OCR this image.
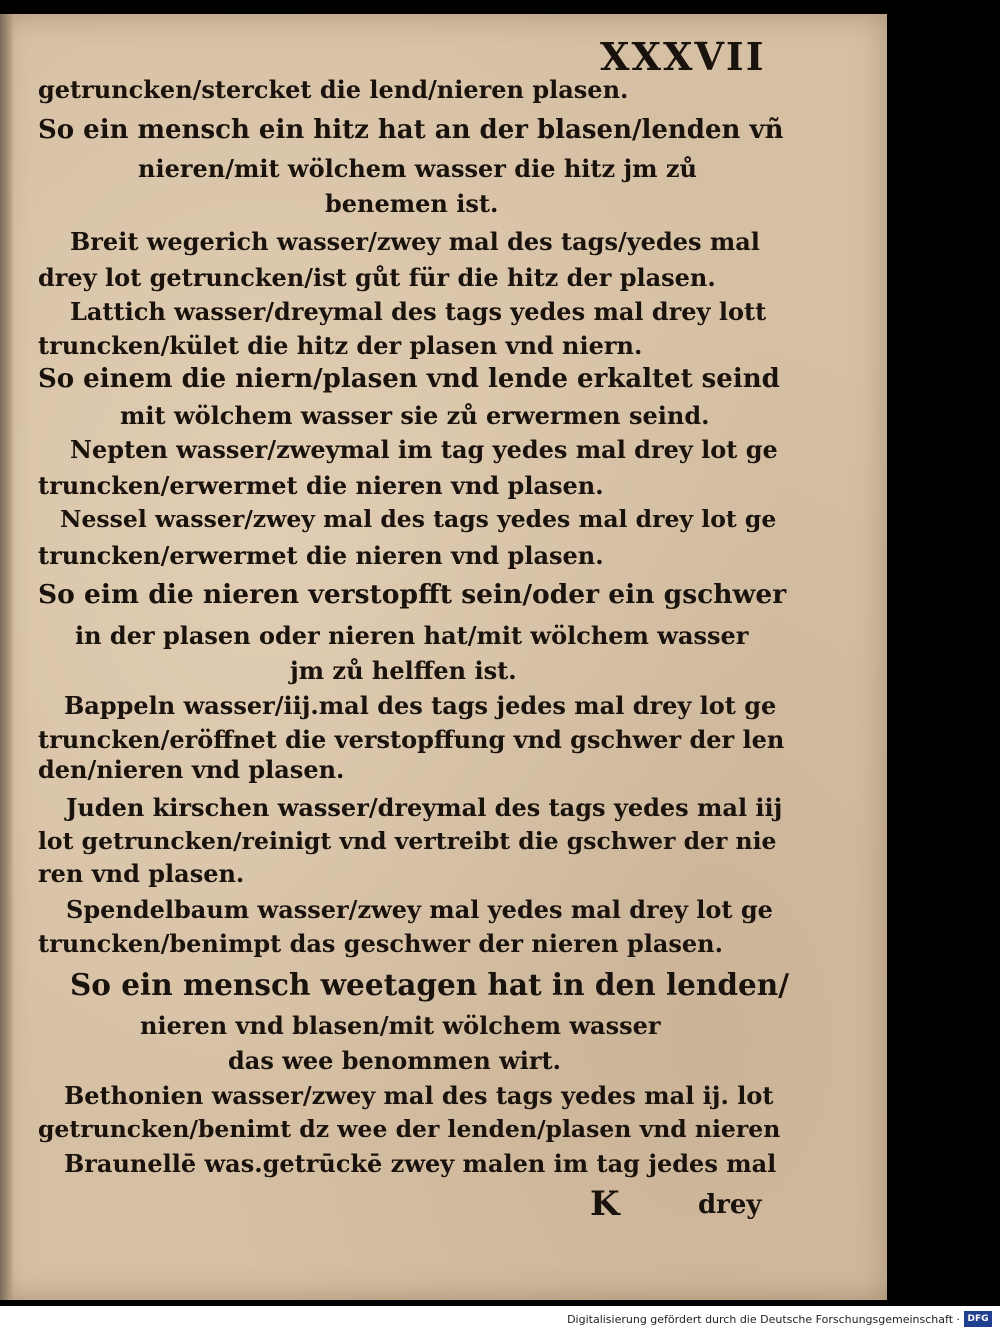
XXXVII
getruncken/stercket die lend/nieren plasen.
So ein mensch ein hitz hat an der blasen/lenden vñ
nieren/mit wölchem wasser die hitz jm zů
benemen ist.
Breit wegerich wasser/zwey mal des tags/yedes mal
drey lot getruncken/ist gůt für die hitz der plasen.
Lattich wasser/dreymal des tags yedes mal drey lott
truncken/kület die hitz der plasen vnd niern.
So einem die niern/plasen vnd lende erkaltet seind
mit wölchem wasser sie zů erwermen seind.
Nepten wasser/zweymal im tag yedes mal drey lot ge
truncken/erwermet die nieren vnd plasen.
Nessel wasser/zwey mal des tags yedes mal drey lot ge
truncken/erwermet die nieren vnd plasen.
So eim die nieren verstopfft sein/oder ein gschwer
in der plasen oder nieren hat/mit wölchem wasser
jm zů helffen ist.
Bappeln wasser/iij.mal des tags jedes mal drey lot ge
truncken/eröffnet die verstopffung vnd gschwer der len
den/nieren vnd plasen.
Juden kirschen wasser/dreymal des tags yedes mal iij
lot getruncken/reinigt vnd vertreibt die gschwer der nie
ren vnd plasen.
Spendelbaum wasser/zwey mal yedes mal drey lot ge
truncken/benimpt das geschwer der nieren plasen.
So ein mensch weetagen hat in den lenden/
nieren vnd blasen/mit wölchem wasser
das wee benommen wirt.
Bethonien wasser/zwey mal des tags yedes mal ij. lot
getruncken/benimt dz wee der lenden/plasen vnd nieren
Braunellē was.getrūckē zwey malen im tag jedes mal
K	drey
Digitalisierung gefördert durch die Deutsche Forschungsgemeinschaft · DFG
